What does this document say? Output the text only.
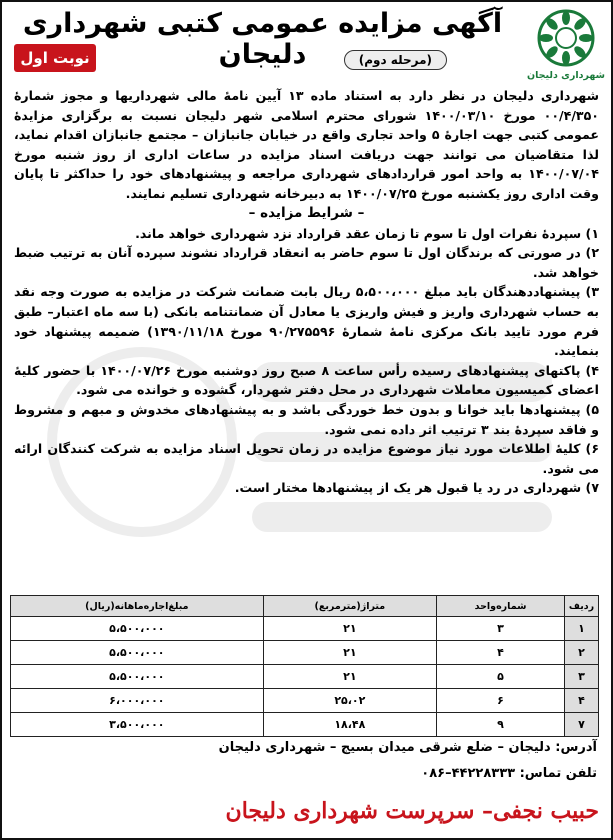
شهرداری دلیجان
آگهی مزایده عمومی کتبی شهرداری دلیجان	(مرحله دوم)
نوبت اول

شهرداری دلیجان در نظر دارد به استناد ماده ۱۳ آیین نامهٔ مالی شهرداریها و مجوز شمارهٔ ۰۰/۴/۳۵۰ مورخ ۱۴۰۰/۰۳/۱۰ شورای محترم اسلامی شهر دلیجان نسبت به برگزاری مزایدهٔ عمومی کتبی جهت اجارهٔ ۵ واحد تجاری واقع در خیابان جانبازان – مجتمع جانبازان اقدام نماید، لذا متقاضیان می توانند جهت دریافت اسناد مزایده در ساعات اداری از روز شنبه مورخ ۱۴۰۰/۰۷/۰۴ به واحد امور قراردادهای شهرداری مراجعه و پیشنهادهای خود را حداکثر تا پایان وقت اداری روز یکشنبه مورخ ۱۴۰۰/۰۷/۲۵ به دبیرخانه شهرداری تسلیم نمایند.

– شرایط مزایده –
۱) سپردهٔ نفرات اول تا سوم تا زمان عقد قرارداد نزد شهرداری خواهد ماند.
۲) در صورتی که برندگان اول تا سوم حاضر به انعقاد قرارداد نشوند سپرده آنان به ترتیب ضبط خواهد شد.
۳) پیشنهاددهندگان باید مبلغ ۵،۵۰۰،۰۰۰ ریال بابت ضمانت شرکت در مزایده به صورت وجه نقد به حساب شهرداری واریز و فیش واریزی یا معادل آن ضمانتنامه بانکی (با سه ماه اعتبار– طبق فرم مورد تایید بانک مرکزی نامهٔ شمارهٔ ۹۰/۲۷۵۵۹۶ مورخ ۱۳۹۰/۱۱/۱۸) ضمیمه پیشنهاد خود بنمایند.
۴) پاکتهای پیشنهادهای رسیده رأس ساعت ۸ صبح روز دوشنبه مورخ ۱۴۰۰/۰۷/۲۶ با حضور کلیهٔ اعضای کمیسیون معاملات شهرداری در محل دفتر شهردار، گشوده و خوانده می شود.
۵) پیشنهادها باید خوانا و بدون خط خوردگی باشد و به پیشنهادهای مخدوش و مبهم و مشروط و فاقد سپردهٔ بند ۳ ترتیب اثر داده نمی شود.
۶) کلیهٔ اطلاعات مورد نیاز موضوع مزایده در زمان تحویل اسناد مزایده به شرکت کنندگان ارائه می شود.
۷) شهرداری در رد یا قبول هر یک از پیشنهادها مختار است.
ردیف	شماره‌واحد	متراژ(مترمربع)	مبلغ‌اجاره‌ماهانه(ریال)
۱	۳	۲۱	۵،۵۰۰،۰۰۰
۲	۴	۲۱	۵،۵۰۰،۰۰۰
۳	۵	۲۱	۵،۵۰۰،۰۰۰
۴	۶	۲۵،۰۲	۶،۰۰۰،۰۰۰
۷	۹	۱۸،۴۸	۳،۵۰۰،۰۰۰
آدرس: دلیجان – ضلع شرقی میدان بسیج – شهرداری دلیجان
تلفن تماس: ۴۴۲۲۸۳۳۳–۰۸۶
حبیب نجفی– سرپرست شهرداری دلیجان
